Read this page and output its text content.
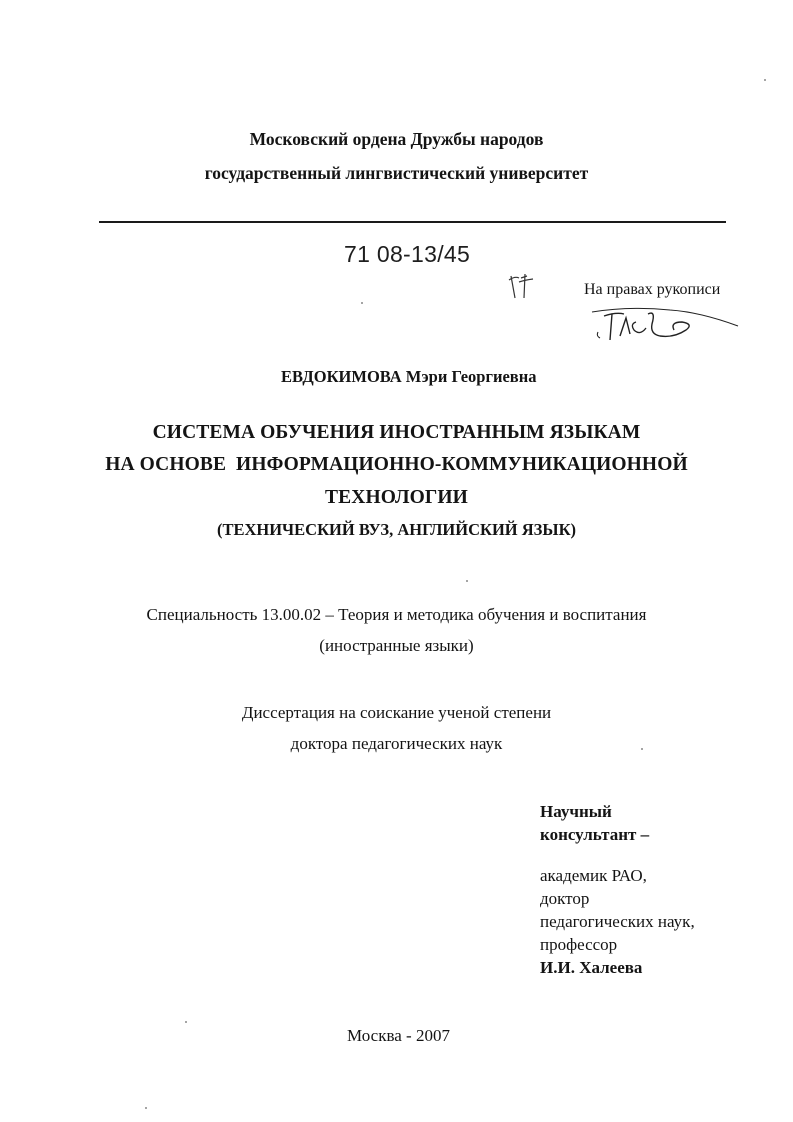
Московский ордена Дружбы народов
государственный лингвистический университет
71 08-13/45
На правах рукописи
ЕВДОКИМОВА Мэри Георгиевна
СИСТЕМА ОБУЧЕНИЯ ИНОСТРАННЫМ ЯЗЫКАМ
НА ОСНОВЕ  ИНФОРМАЦИОННО-КОММУНИКАЦИОННОЙ
ТЕХНОЛОГИИ
(ТЕХНИЧЕСКИЙ ВУЗ, АНГЛИЙСКИЙ ЯЗЫК)
Специальность 13.00.02 – Теория и методика обучения и воспитания
(иностранные языки)
Диссертация на соискание ученой степени
доктора педагогических наук
Научный
консультант –
академик РАО,
доктор
педагогических наук,
профессор
И.И. Халеева
Москва - 2007
